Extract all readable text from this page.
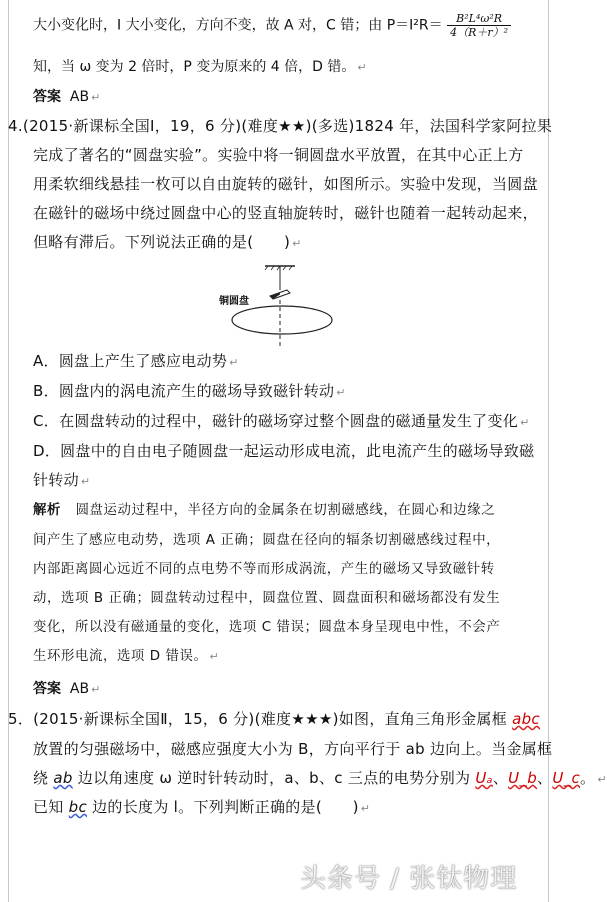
大小变化时，I 大小变化，方向不变，故 A 对，C 错；由 $P=I^2R= \frac{\text{B²L⁴ω²R}}{\text{4（R＋r）²}}$
知，当 ω 变为 2 倍时，P 变为原来的 4 倍，D 错。 ↵
答案 AB ↵
4.(2015·新课标全国Ⅰ，19，6 分)(难度★★)(多选)1824 年，法国科学家阿拉果
完成了著名的“圆盘实验”。实验中将一铜圆盘水平放置，在其中心正上方
用柔软细线悬挂一枚可以自由旋转的磁针，如图所示。实验中发现，当圆盘
在磁针的磁场中绕过圆盘中心的竖直轴旋转时，磁针也随着一起转动起来，
但略有滞后。下列说法正确的是(　　) ↵
铜圆盘
A．圆盘上产生了感应电动势 ↵
B．圆盘内的涡电流产生的磁场导致磁针转动 ↵
C．在圆盘转动的过程中，磁针的磁场穿过整个圆盘的磁通量发生了变化 ↵
D．圆盘中的自由电子随圆盘一起运动形成电流，此电流产生的磁场导致磁
针转动 ↵
解析 圆盘运动过程中，半径方向的金属条在切割磁感线，在圆心和边缘之
间产生了感应电动势，选项 A 正确；圆盘在径向的辐条切割磁感线过程中，
内部距离圆心远近不同的点电势不等而形成涡流，产生的磁场又导致磁针转
动，选项 B 正确；圆盘转动过程中，圆盘位置、圆盘面积和磁场都没有发生
变化，所以没有磁通量的变化，选项 C 错误；圆盘本身呈现电中性，不会产
生环形电流，选项 D 错误。 ↵
答案 AB ↵
5．(2015·新课标全国Ⅱ，15，6 分)(难度★★★)如图，直角三角形金属框 abc
放置的匀强磁场中，磁感应强度大小为 B，方向平行于 ab 边向上。当金属框
绕 ab 边以角速度 ω 逆时针转动时，a、b、c 三点的电势分别为 Uₐ、U_b、U_c。 ↵
已知 bc 边的长度为 l。下列判断正确的是(　　) ↵
头条号 / 张钛物理
